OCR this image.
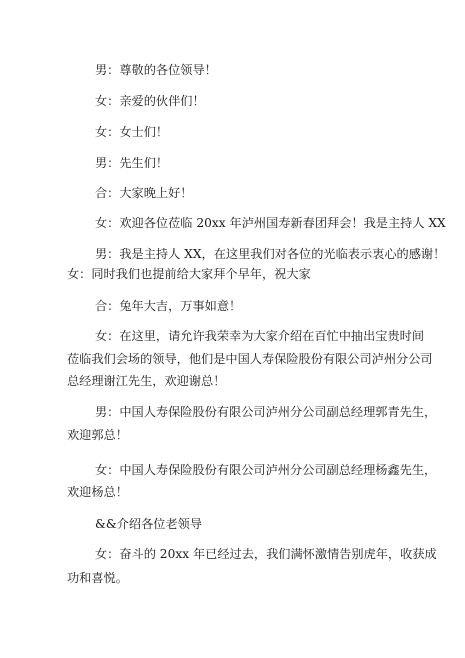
男：尊敬的各位领导！
女：亲爱的伙伴们！
女：女士们！
男：先生们！
合：大家晚上好！
女：欢迎各位莅临 20xx 年泸州国寿新春团拜会！我是主持人 XX
男：我是主持人 XX，在这里我们对各位的光临表示衷心的感谢！
女：同时我们也提前给大家拜个早年，祝大家
合：兔年大吉，万事如意！
女：在这里，请允许我荣幸为大家介绍在百忙中抽出宝贵时间
莅临我们会场的领导，他们是中国人寿保险股份有限公司泸州分公司
总经理谢江先生，欢迎谢总！
男：中国人寿保险股份有限公司泸州分公司副总经理郭青先生，
欢迎郭总！
女：中国人寿保险股份有限公司泸州分公司副总经理杨鑫先生，
欢迎杨总！
&&介绍各位老领导
女：奋斗的 20xx 年已经过去，我们满怀激情告别虎年，收获成
功和喜悦。
